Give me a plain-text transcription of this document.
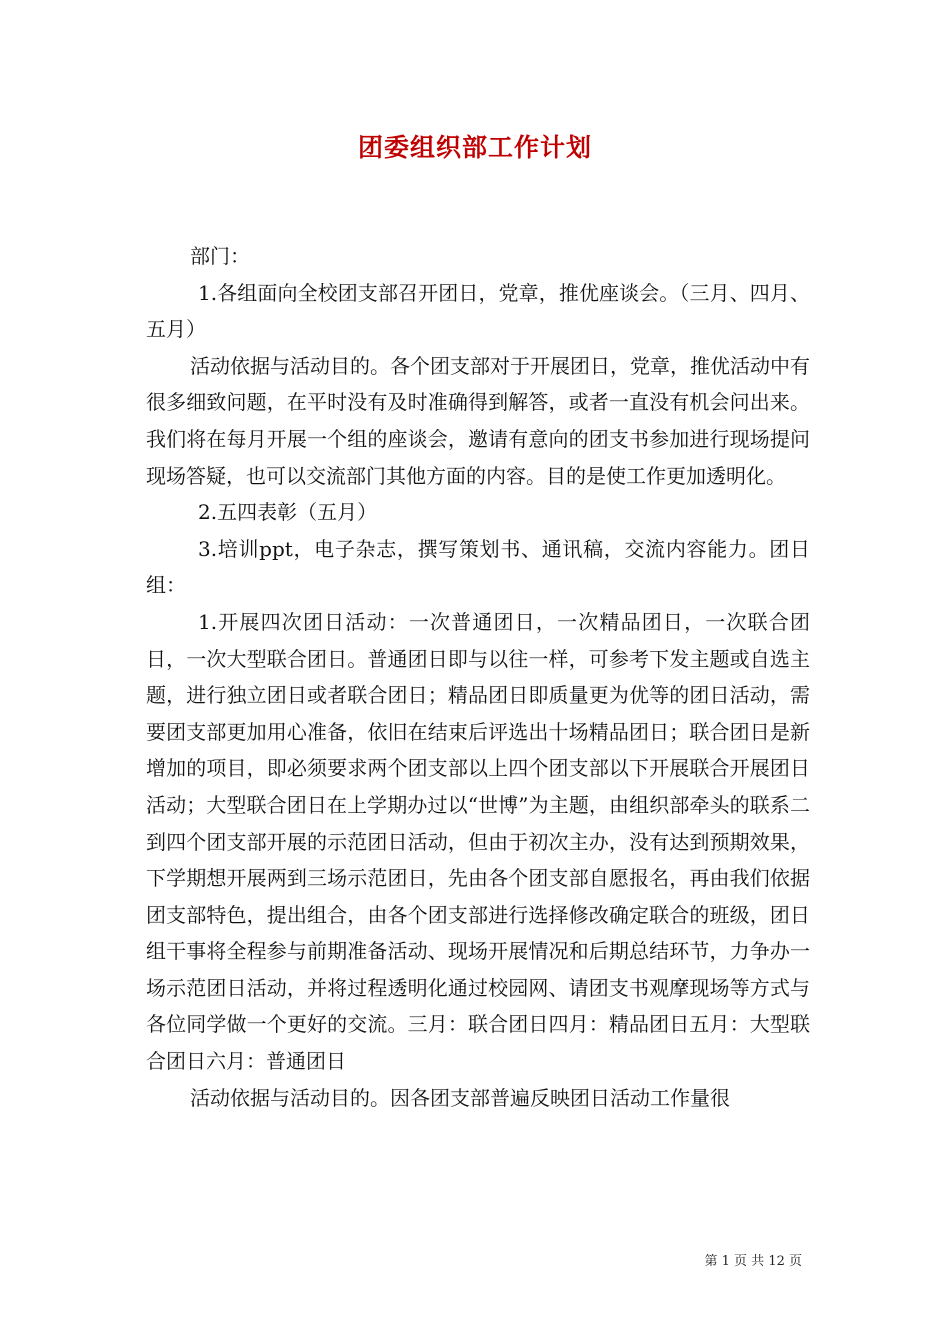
团委组织部工作计划

部门：

1.各组面向全校团支部召开团日，党章，推优座谈会。（三月、四月、五月）

活动依据与活动目的。各个团支部对于开展团日，党章，推优活动中有很多细致问题，在平时没有及时准确得到解答，或者一直没有机会问出来。我们将在每月开展一个组的座谈会，邀请有意向的团支书参加进行现场提问现场答疑，也可以交流部门其他方面的内容。目的是使工作更加透明化。

2.五四表彰（五月）

3.培训ppt，电子杂志，撰写策划书、通讯稿，交流内容能力。团日组：

1.开展四次团日活动：一次普通团日，一次精品团日，一次联合团日，一次大型联合团日。普通团日即与以往一样，可参考下发主题或自选主题，进行独立团日或者联合团日；精品团日即质量更为优等的团日活动，需要团支部更加用心准备，依旧在结束后评选出十场精品团日；联合团日是新增加的项目，即必须要求两个团支部以上四个团支部以下开展联合开展团日活动；大型联合团日在上学期办过以“世博”为主题，由组织部牵头的联系二到四个团支部开展的示范团日活动，但由于初次主办，没有达到预期效果，下学期想开展两到三场示范团日，先由各个团支部自愿报名，再由我们依据团支部特色，提出组合，由各个团支部进行选择修改确定联合的班级，团日组干事将全程参与前期准备活动、现场开展情况和后期总结环节，力争办一场示范团日活动，并将过程透明化通过校园网、请团支书观摩现场等方式与各位同学做一个更好的交流。三月：联合团日四月：精品团日五月：大型联合团日六月：普通团日

活动依据与活动目的。因各团支部普遍反映团日活动工作量很

第 1 页 共 12 页
